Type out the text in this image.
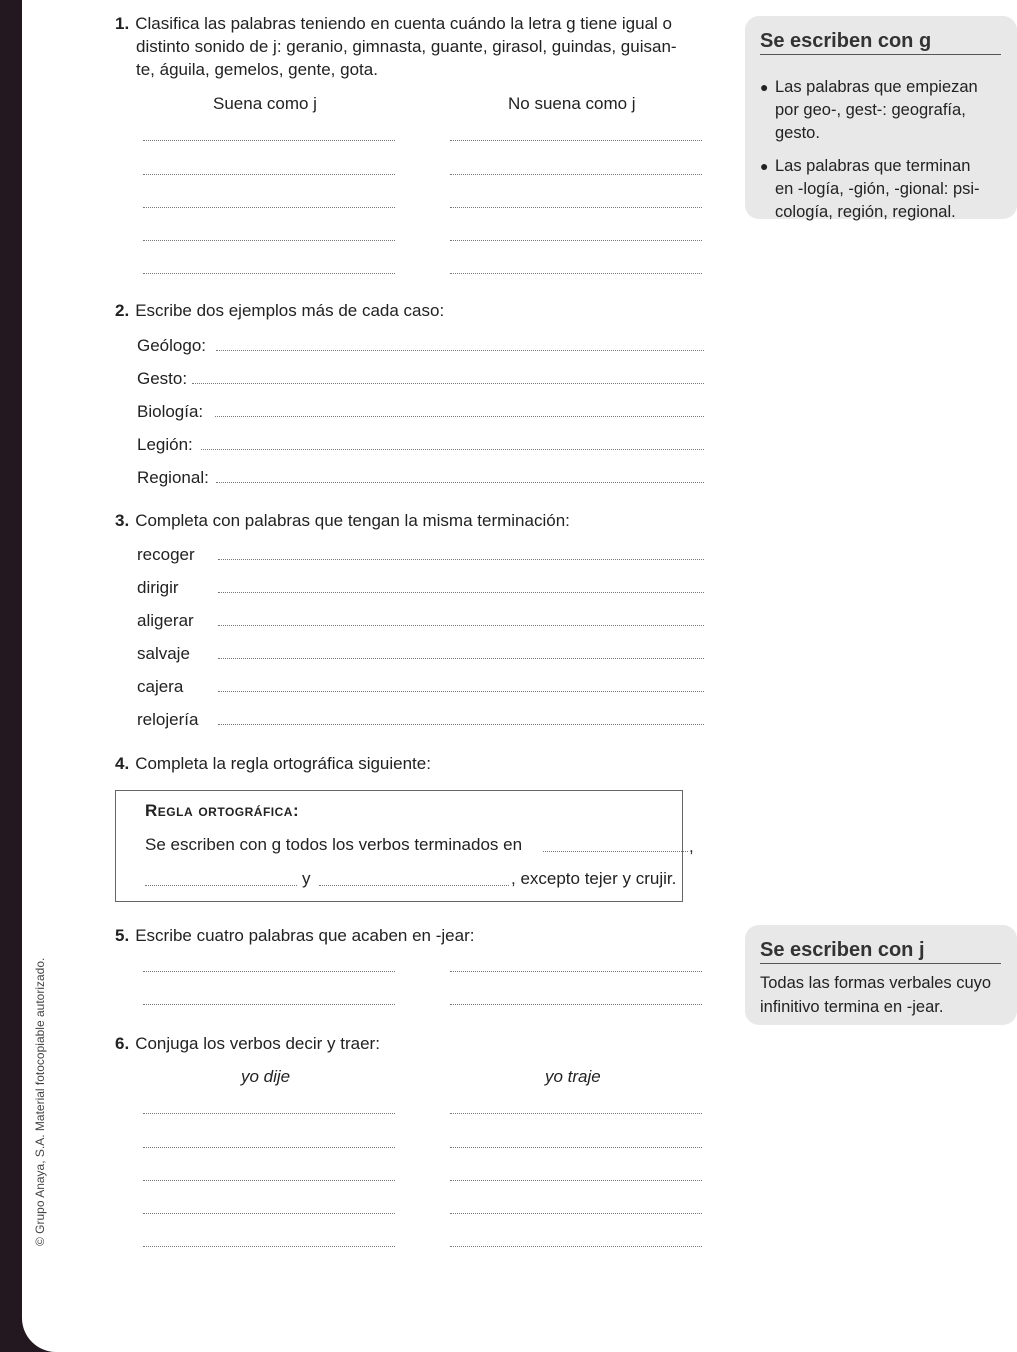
1. Clasifica las palabras teniendo en cuenta cuándo la letra g tiene igual o
distinto sonido de j: geranio, gimnasta, guante, girasol, guindas, guisan-
te, águila, gemelos, gente, gota.
Suena como j	No suena como j
Se escriben con g
● Las palabras que empiezan
por geo-, gest-: geografía,
gesto.
● Las palabras que terminan
en -logía, -gión, -gional: psi-
cología, región, regional.
2. Escribe dos ejemplos más de cada caso:
Geólogo:
Gesto:
Biología:
Legión:
Regional:
3. Completa con palabras que tengan la misma terminación:
recoger
dirigir
aligerar
salvaje
cajera
relojería
4. Completa la regla ortográfica siguiente:
Regla ortográfica:
Se escriben con g todos los verbos terminados en	,
y	, excepto tejer y crujir.
5. Escribe cuatro palabras que acaben en -jear:
Se escriben con j
Todas las formas verbales cuyo
infinitivo termina en -jear.
6. Conjuga los verbos decir y traer:
yo dije	yo traje
© Grupo Anaya, S.A. Material fotocopiable autorizado.
